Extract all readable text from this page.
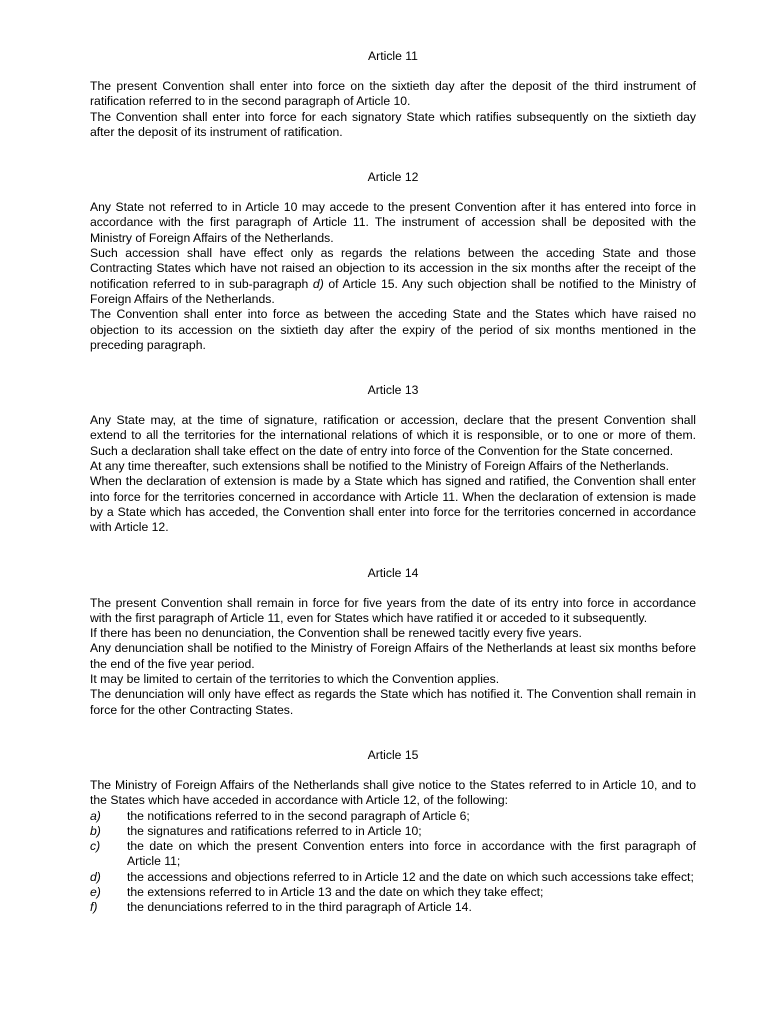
Article 11

The present Convention shall enter into force on the sixtieth day after the deposit of the third instrument of ratification referred to in the second paragraph of Article 10.

The Convention shall enter into force for each signatory State which ratifies subsequently on the sixtieth day after the deposit of its instrument of ratification.

Article 12

Any State not referred to in Article 10 may accede to the present Convention after it has entered into force in accordance with the first paragraph of Article 11. The instrument of accession shall be deposited with the Ministry of Foreign Affairs of the Netherlands.

Such accession shall have effect only as regards the relations between the acceding State and those Contracting States which have not raised an objection to its accession in the six months after the receipt of the notification referred to in sub-paragraph d) of Article 15. Any such objection shall be notified to the Ministry of Foreign Affairs of the Netherlands.

The Convention shall enter into force as between the acceding State and the States which have raised no objection to its accession on the sixtieth day after the expiry of the period of six months mentioned in the preceding paragraph.

Article 13

Any State may, at the time of signature, ratification or accession, declare that the present Convention shall extend to all the territories for the international relations of which it is responsible, or to one or more of them. Such a declaration shall take effect on the date of entry into force of the Convention for the State concerned.

At any time thereafter, such extensions shall be notified to the Ministry of Foreign Affairs of the Netherlands.

When the declaration of extension is made by a State which has signed and ratified, the Convention shall enter into force for the territories concerned in accordance with Article 11. When the declaration of extension is made by a State which has acceded, the Convention shall enter into force for the territories concerned in accordance with Article 12.

Article 14

The present Convention shall remain in force for five years from the date of its entry into force in accordance with the first paragraph of Article 11, even for States which have ratified it or acceded to it subsequently.

If there has been no denunciation, the Convention shall be renewed tacitly every five years.

Any denunciation shall be notified to the Ministry of Foreign Affairs of the Netherlands at least six months before the end of the five year period.

It may be limited to certain of the territories to which the Convention applies.

The denunciation will only have effect as regards the State which has notified it. The Convention shall remain in force for the other Contracting States.

Article 15

The Ministry of Foreign Affairs of the Netherlands shall give notice to the States referred to in Article 10, and to the States which have acceded in accordance with Article 12, of the following:

a)	the notifications referred to in the second paragraph of Article 6;
b)	the signatures and ratifications referred to in Article 10;
c)	the date on which the present Convention enters into force in accordance with the first paragraph of Article 11;
d)	the accessions and objections referred to in Article 12 and the date on which such accessions take effect;
e)	the extensions referred to in Article 13 and the date on which they take effect;
f)	the denunciations referred to in the third paragraph of Article 14.
